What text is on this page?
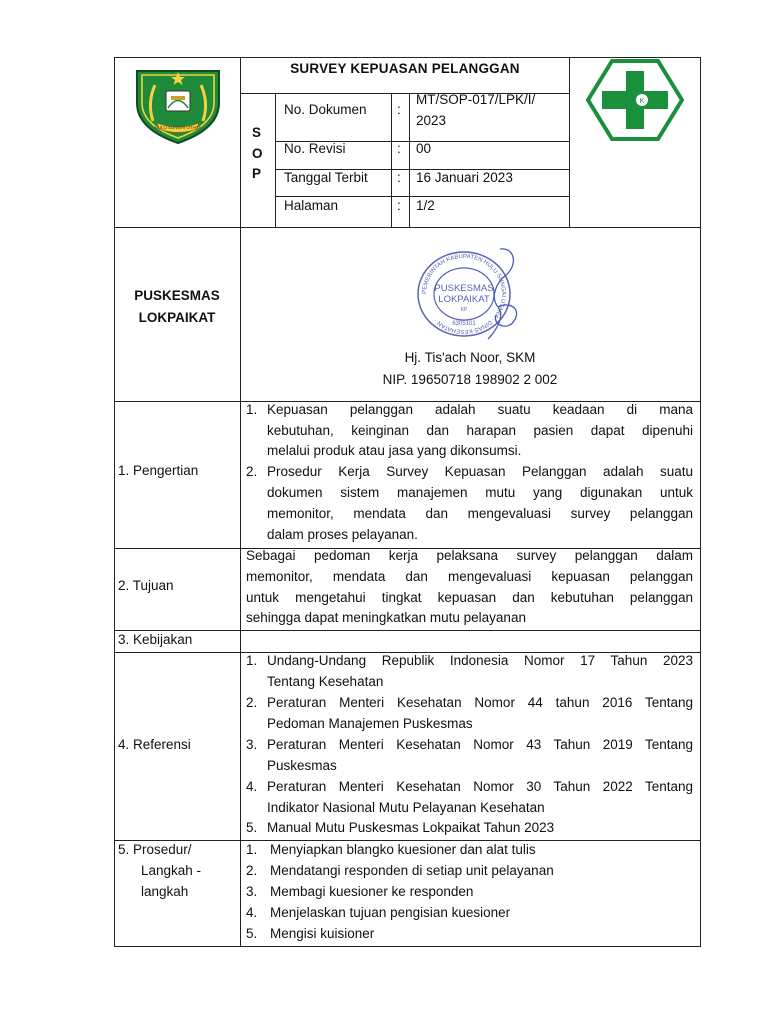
HULU SUNGAI UTARA
SURVEY KEPUASAN PELANGGAN
S
O
P
No. Dokumen :
MT/SOP-017/LPK/I/
2023
No. Revisi	: 00
Tanggal Terbit : 16 Januari 2023
Halaman	: 1/2
K
PUSKESMAS
LOKPAIKAT
PEMERINTAH KABUPATEN HULU SUNGAI UTARA · DINAS KESEHATAN ·
PUSKESMAS
LOKPAIKAT
KP
6305101
Hj. Tis'ach Noor, SKM
NIP. 19650718 198902 2 002
1. Pengertian
1. Kepuasan pelanggan adalah suatu keadaan di mana
kebutuhan, keinginan dan harapan pasien dapat dipenuhi
melalui produk atau jasa yang dikonsumsi.
2. Prosedur Kerja Survey Kepuasan Pelanggan adalah suatu
dokumen sistem manajemen mutu yang digunakan untuk
memonitor, mendata dan mengevaluasi survey pelanggan
dalam proses pelayanan.
2. Tujuan
Sebagai pedoman kerja pelaksana survey pelanggan dalam
memonitor, mendata dan mengevaluasi kepuasan pelanggan
untuk mengetahui tingkat kepuasan dan kebutuhan pelanggan
sehingga dapat meningkatkan mutu pelayanan
3. Kebijakan
4. Referensi
1. Undang-Undang Republik Indonesia Nomor 17 Tahun 2023
Tentang Kesehatan
2. Peraturan Menteri Kesehatan Nomor 44 tahun 2016 Tentang
Pedoman Manajemen Puskesmas
3. Peraturan Menteri Kesehatan Nomor 43 Tahun 2019 Tentang
Puskesmas
4. Peraturan Menteri Kesehatan Nomor 30 Tahun 2022 Tentang
Indikator Nasional Mutu Pelayanan Kesehatan
5. Manual Mutu Puskesmas Lokpaikat Tahun 2023
5. Prosedur/
Langkah -
langkah
1. Menyiapkan blangko kuesioner dan alat tulis
2. Mendatangi responden di setiap unit pelayanan
3. Membagi kuesioner ke responden
4. Menjelaskan tujuan pengisian kuesioner
5. Mengisi kuisioner
